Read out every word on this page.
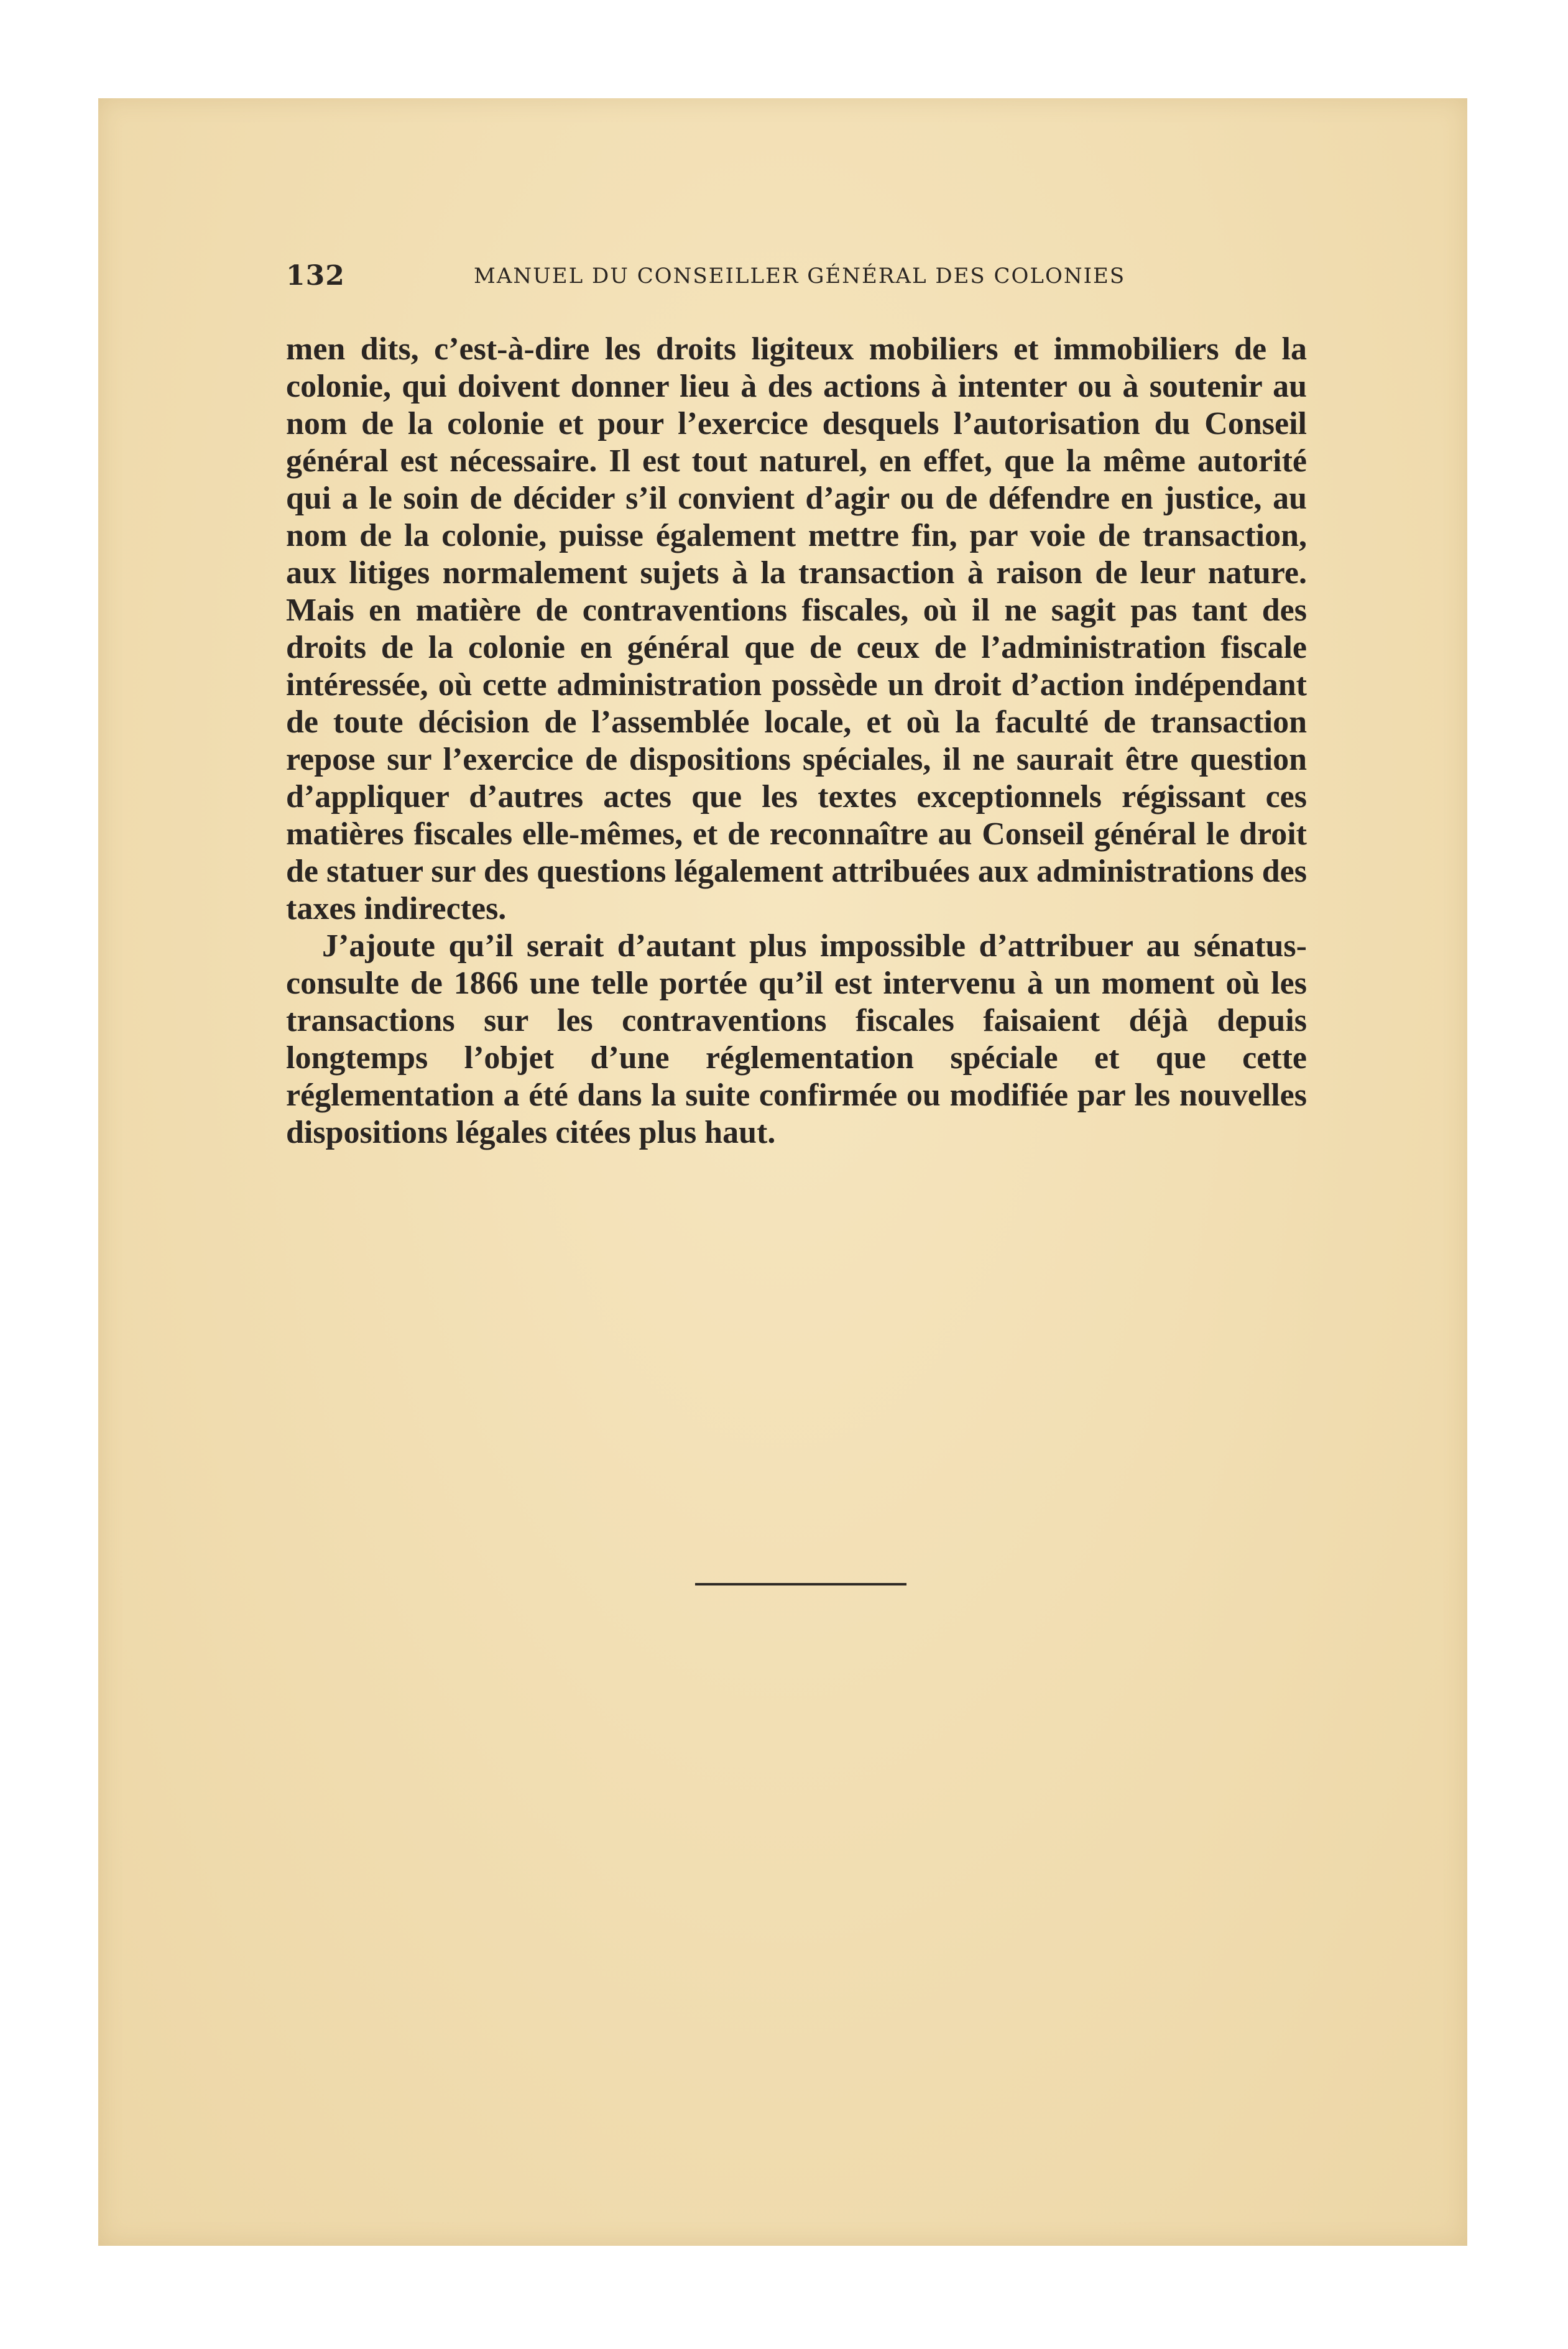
132	MANUEL DU CONSEILLER GÉNÉRAL DES COLONIES

men dits, c’est-à-dire les droits ligiteux mobiliers et immobiliers de la colonie, qui doivent donner lieu à des actions à intenter ou à soutenir au nom de la colonie et pour l’exercice desquels l’autorisation du Conseil général est nécessaire. Il est tout naturel, en effet, que la même autorité qui a le soin de décider s’il convient d’agir ou de défendre en justice, au nom de la colonie, puisse également mettre fin, par voie de transaction, aux litiges normalement sujets à la transaction à raison de leur nature. Mais en matière de contraventions fiscales, où il ne sagit pas tant des droits de la colonie en général que de ceux de l’administration fiscale intéressée, où cette administration possède un droit d’action indépendant de toute décision de l’assemblée locale, et où la faculté de transaction repose sur l’exercice de dispositions spéciales, il ne saurait être question d’appliquer d’autres actes que les textes exceptionnels régissant ces matières fiscales elle-mêmes, et de reconnaître au Conseil général le droit de statuer sur des questions légalement attribuées aux administrations des taxes indirectes.

J’ajoute qu’il serait d’autant plus impossible d’attribuer au sénatus-consulte de 1866 une telle portée qu’il est intervenu à un moment où les transactions sur les contraventions fiscales faisaient déjà depuis longtemps l’objet d’une réglementation spéciale et que cette réglementation a été dans la suite confirmée ou modifiée par les nouvelles dispositions légales citées plus haut.
